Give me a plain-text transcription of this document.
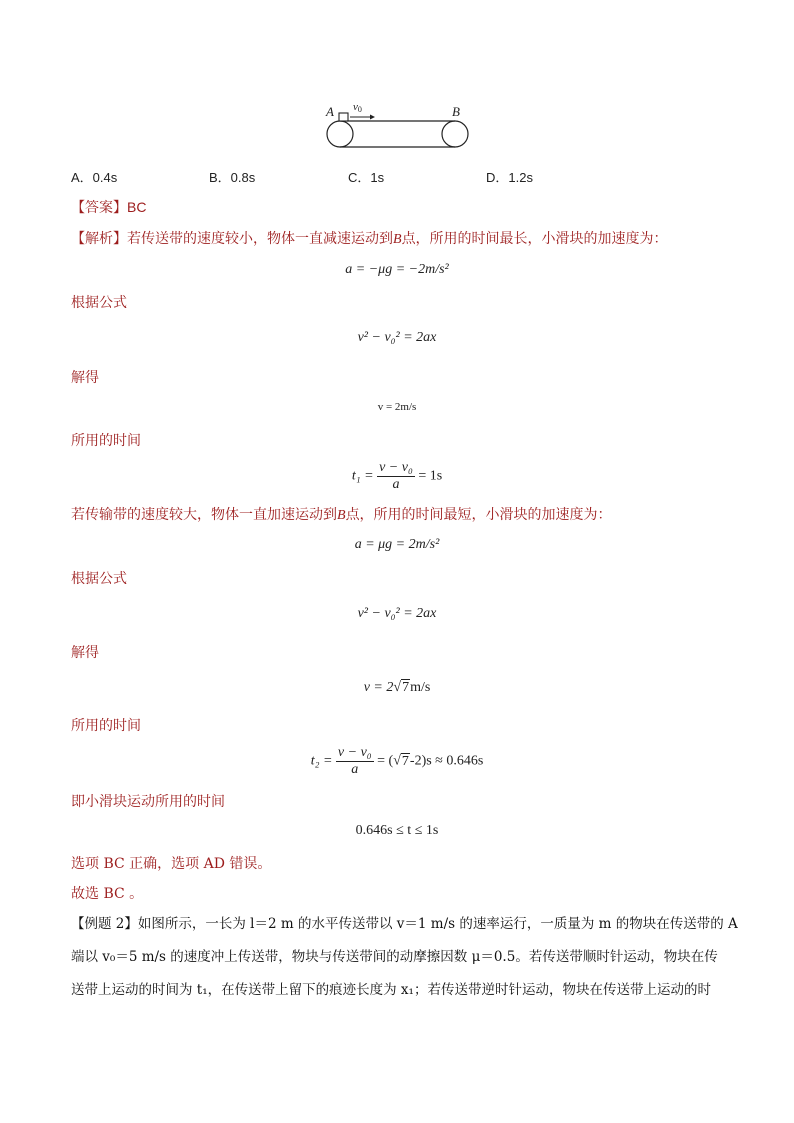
A	B
v0
A．0.4s	B．0.8s	C．1s	D．1.2s
【答案】BC
【解析】若传送带的速度较小，物体一直减速运动到B点，所用的时间最长，小滑块的加速度为：
a = −μg = −2m/s²
根据公式
v² − v₀² = 2ax
解得
v = 2m/s
所用的时间
$t_1 = \frac{\text{v − v₀}}{a} = 1s$
若传输带的速度较大，物体一直加速运动到B点，所用的时间最短，小滑块的加速度为：
a = μg = 2m/s²
根据公式
v² − v₀² = 2ax
解得
v = 2√7m/s
所用的时间
$t_2 = \frac{\text{v − v₀}}{a} = (√7-2)s \approx 0.646s$
即小滑块运动所用的时间
0.646s ≤ t ≤ 1s
选项 BC 正确，选项 AD 错误。
故选 BC 。
【例题 2】如图所示，一长为 l＝2 m 的水平传送带以 v＝1 m/s 的速率运行，一质量为 m 的物块在传送带的 A
端以 v₀＝5 m/s 的速度冲上传送带，物块与传送带间的动摩擦因数 μ＝0.5。若传送带顺时针运动，物块在传
送带上运动的时间为 t₁，在传送带上留下的痕迹长度为 x₁；若传送带逆时针运动，物块在传送带上运动的时
